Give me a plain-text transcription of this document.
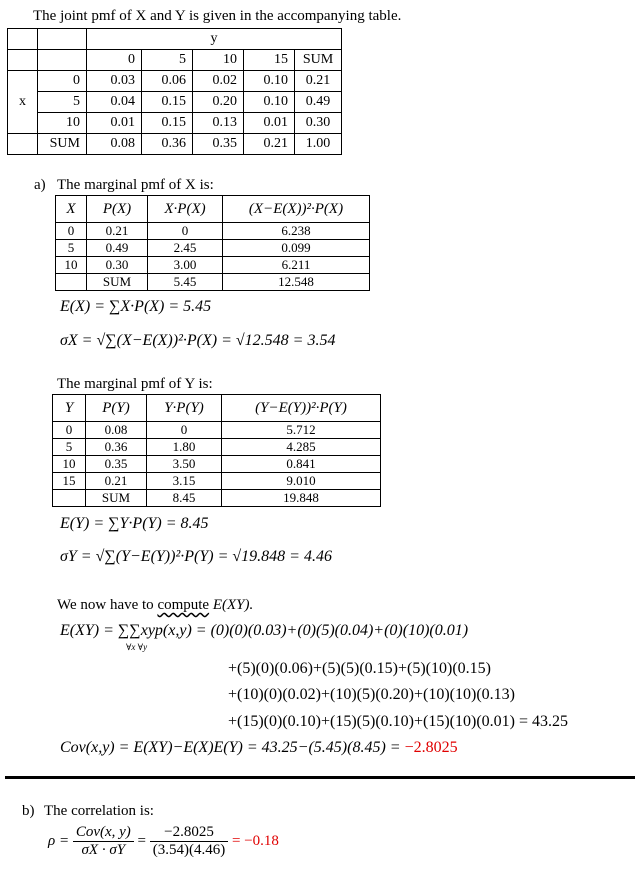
The joint pmf of X and Y is given in the accompanying table.
		y				
		0	5	10	15	SUM
x	0	0.03	0.06	0.02	0.10	0.21
	5	0.04	0.15	0.20	0.10	0.49
	10	0.01	0.15	0.13	0.01	0.30
	SUM	0.08	0.36	0.35	0.21	1.00
a) The marginal pmf of X is:
X	P(X)	X·P(X)	(X−E(X))²·P(X)
0	0.21	0	6.238
5	0.49	2.45	0.099
10	0.30	3.00	6.211
	SUM	5.45	12.548
E(X) = ∑X·P(X) = 5.45
σX = √∑(X−E(X))²·P(X) = √12.548 = 3.54
The marginal pmf of Y is:
Y	P(Y)	Y·P(Y)	(Y−E(Y))²·P(Y)
0	0.08	0	5.712
5	0.36	1.80	4.285
10	0.35	3.50	0.841
15	0.21	3.15	9.010
	SUM	8.45	19.848
E(Y) = ∑Y·P(Y) = 8.45
σY = √∑(Y−E(Y))²·P(Y) = √19.848 = 4.46
We now have to compute E(XY).
E(XY) = ∑∑xyp(x,y) = (0)(0)(0.03)+(0)(5)(0.04)+(0)(10)(0.01)
∀x ∀y
+(5)(0)(0.06)+(5)(5)(0.15)+(5)(10)(0.15)
+(10)(0)(0.02)+(10)(5)(0.20)+(10)(10)(0.13)
+(15)(0)(0.10)+(15)(5)(0.10)+(15)(10)(0.01) = 43.25
Cov(x,y) = E(XY)−E(X)E(Y) = 43.25−(5.45)(8.45) = −2.8025
b) The correlation is:
$\rho = \frac{\text{Cov(x, y)}}{\sigma X \cdot \sigma Y} = \frac{-2.8025}{(3.54)(4.46)} = -0.18$
